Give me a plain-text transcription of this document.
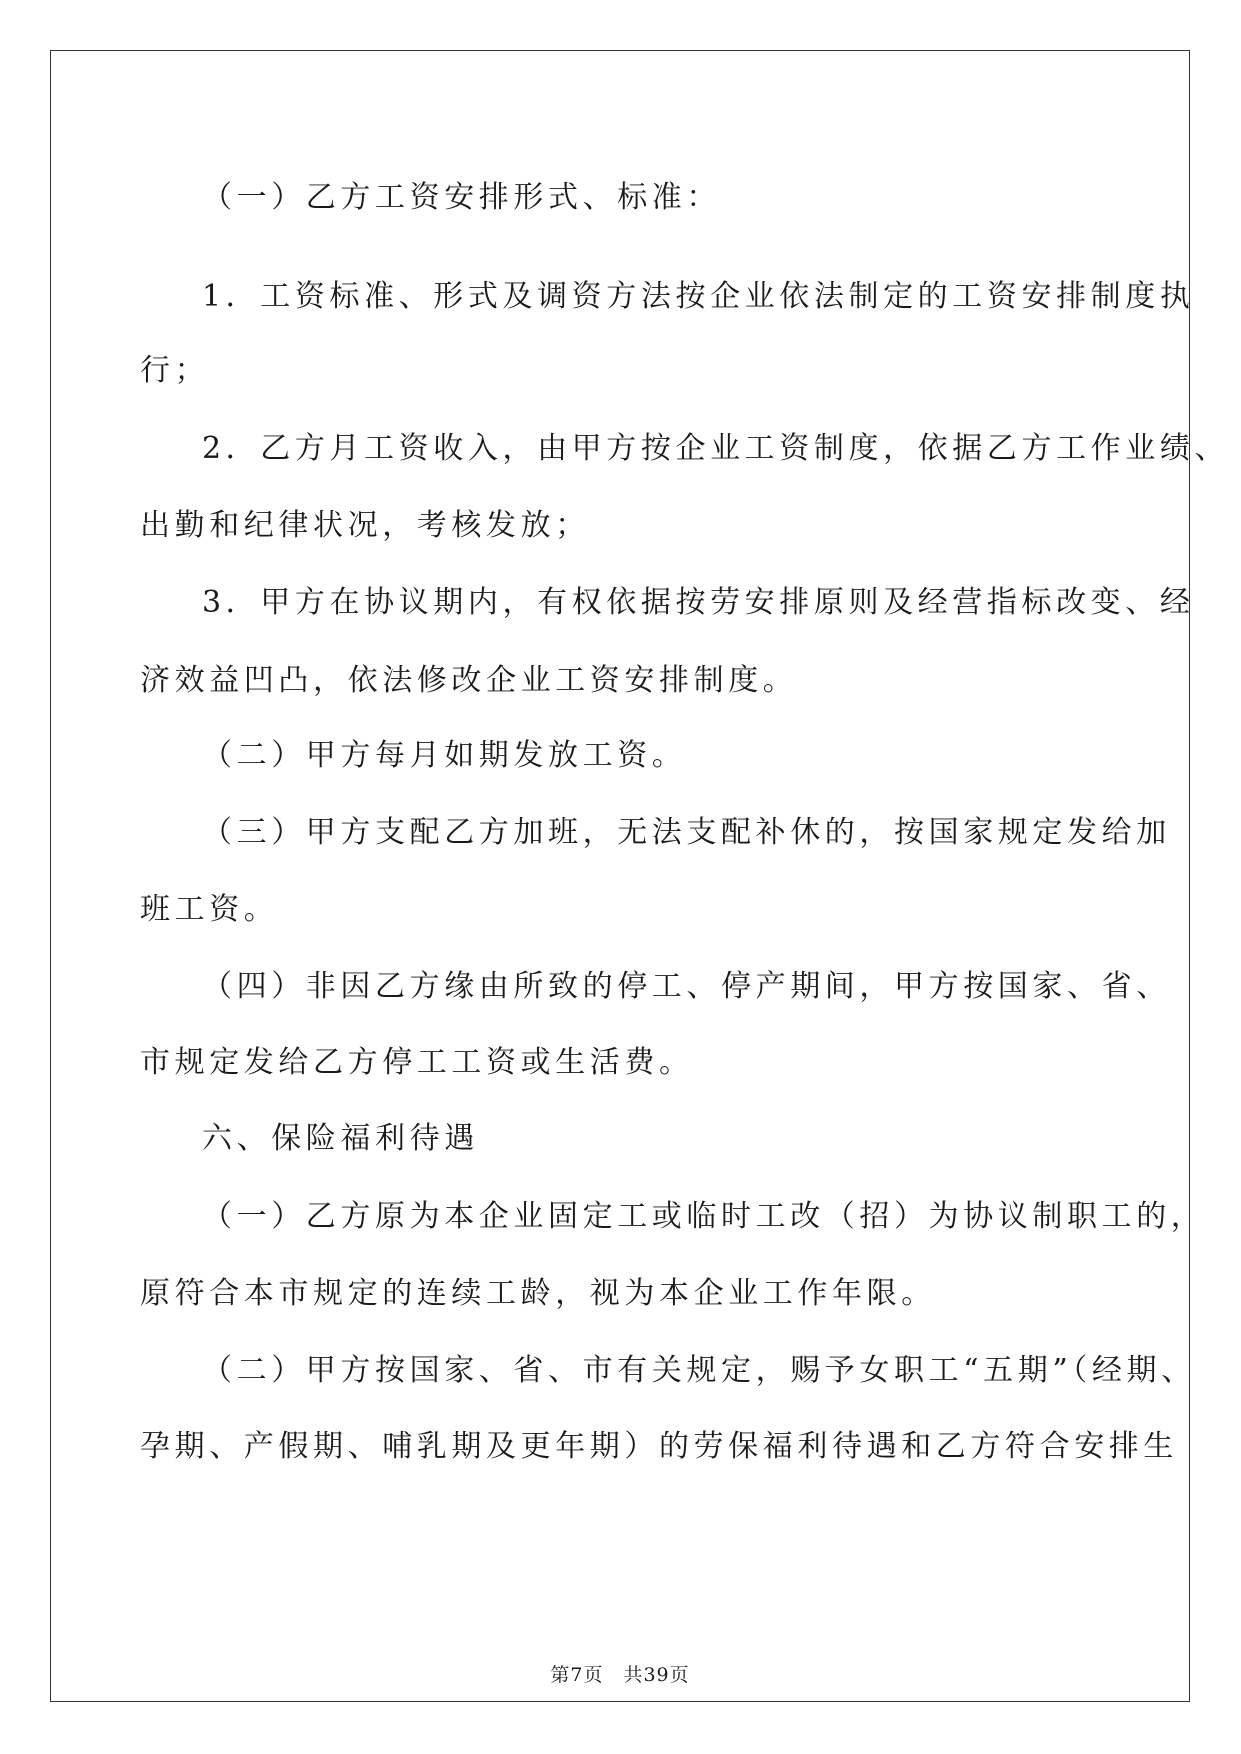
（一）乙方工资安排形式、标准：
1．工资标准、形式及调资方法按企业依法制定的工资安排制度执
行；
2．乙方月工资收入，由甲方按企业工资制度，依据乙方工作业绩、
出勤和纪律状况，考核发放；
3．甲方在协议期内，有权依据按劳安排原则及经营指标改变、经
济效益凹凸，依法修改企业工资安排制度。
（二）甲方每月如期发放工资。
（三）甲方支配乙方加班，无法支配补休的，按国家规定发给加
班工资。
（四）非因乙方缘由所致的停工、停产期间，甲方按国家、省、
市规定发给乙方停工工资或生活费。
六、保险福利待遇
（一）乙方原为本企业固定工或临时工改（招）为协议制职工的，
原符合本市规定的连续工龄，视为本企业工作年限。
（二）甲方按国家、省、市有关规定，赐予女职工“五期”（经期、
孕期、产假期、哺乳期及更年期）的劳保福利待遇和乙方符合安排生
第7页　共39页
